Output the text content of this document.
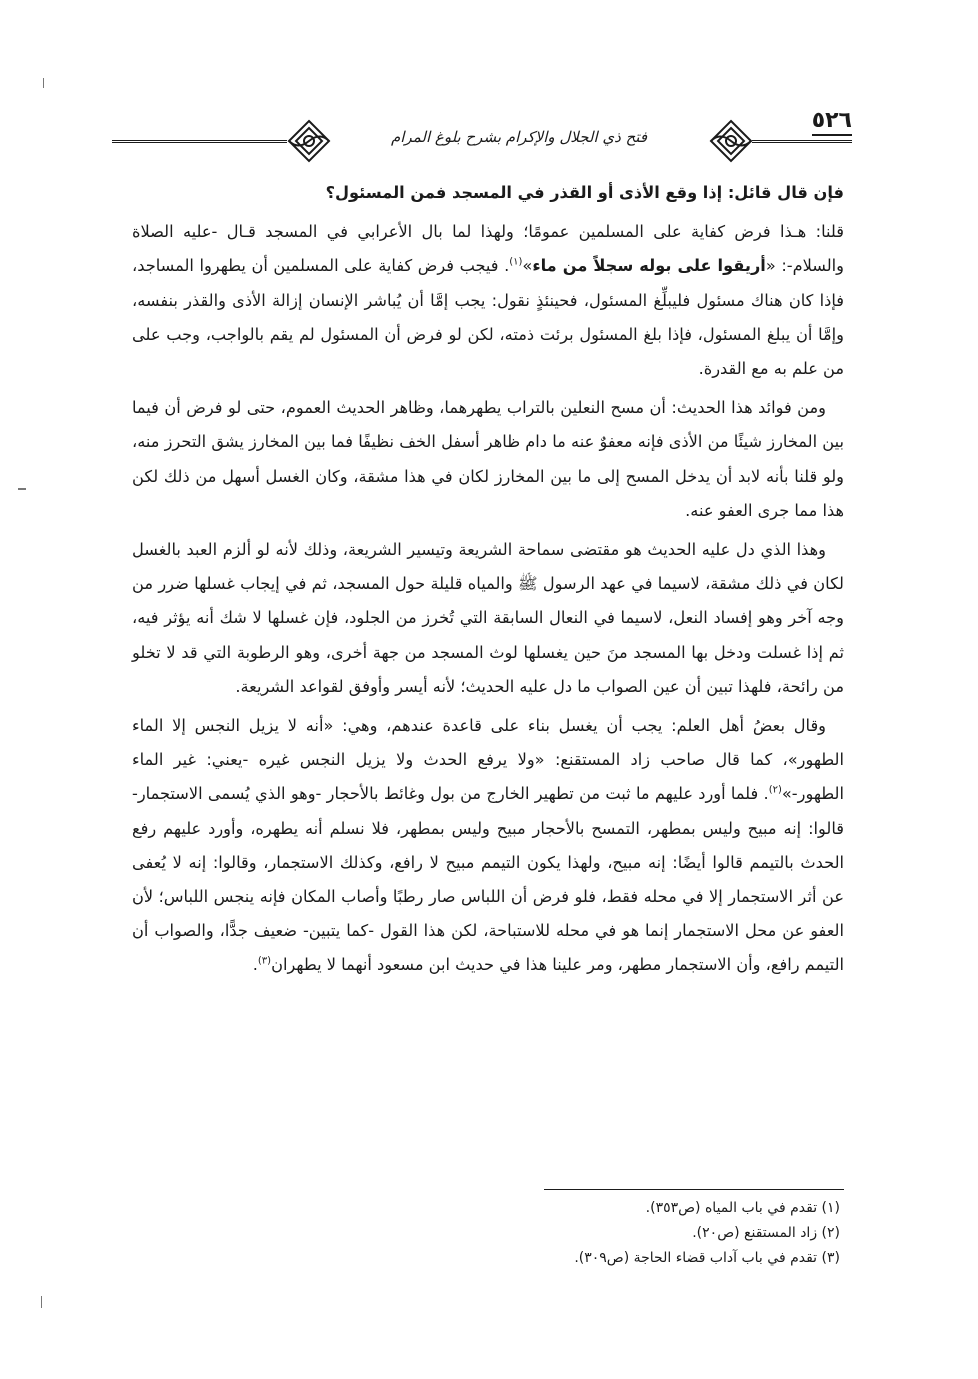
٥٢٦
فتح ذي الجلال والإكرام بشرح بلوغ المرام

فإن قال قائل: إذا وقع الأذى أو القذر في المسجد فمن المسئول؟

قلنا: هـذا فرض كفاية على المسلمين عمومًا؛ ولهذا لما بال الأعرابي في المسجد قـال -عليه الصلاة والسلام-: «أريقوا على بوله سجلاً من ماء»$^{(١)}$. فيجب فرض كفاية على المسلمين أن يطهروا المساجد، فإذا كان هناك مسئول فليبلِّغ المسئول، فحينئذٍ نقول: يجب إمَّا أن يُباشر الإنسان إزالة الأذى والقذر بنفسه، وإمَّا أن يبلغ المسئول، فإذا بلغ المسئول برئت ذمته، لكن لو فرض أن المسئول لم يقم بالواجب، وجب على من علم به مع القدرة.

ومن فوائد هذا الحديث: أن مسح النعلين بالتراب يطهرهما، وظاهر الحديث العموم، حتى لو فرض أن فيما بين المخارز شيئًا من الأذى فإنه معفوٌ عنه ما دام ظاهر أسفل الخف نظيفًا فما بين المخارز يشق التحرز منه، ولو قلنا بأنه لابد أن يدخل المسح إلى ما بين المخارز لكان في هذا مشقة، وكان الغسل أسهل من ذلك لكن هذا مما جرى العفو عنه.

وهذا الذي دل عليه الحديث هو مقتضى سماحة الشريعة وتيسير الشريعة، وذلك لأنه لو ألزم العبد بالغسل لكان في ذلك مشقة، لاسيما في عهد الرسول ﷺ والمياه قليلة حول المسجد، ثم في إيجاب غسلها ضرر من وجه آخر وهو إفساد النعل، لاسيما في النعال السابقة التي تُخرز من الجلود، فإن غسلها لا شك أنه يؤثر فيه، ثم إذا غسلت ودخل بها المسجد منَ حين يغسلها لوث المسجد من جهة أخرى، وهو الرطوبة التي قد لا تخلو من رائحة، فلهذا تبين أن عين الصواب ما دل عليه الحديث؛ لأنه أيسر وأوفق لقواعد الشريعة.

وقال بعضُ أهل العلم: يجب أن يغسل بناء على قاعدة عندهم، وهي: «أنه لا يزيل النجس إلا الماء الطهور»، كما قال صاحب زاد المستقنع: «ولا يرفع الحدث ولا يزيل النجس غيره -يعني: غير الماء الطهور-»$^{(٢)}$. فلما أورد عليهم ما ثبت من تطهير الخارج من بول وغائط بالأحجار -وهو الذي يُسمى الاستجمار- قالوا: إنه مبيح وليس بمطهر، التمسح بالأحجار مبيح وليس بمطهر، فلا نسلم أنه يطهره، وأورد عليهم رفع الحدث بالتيمم قالوا أيضًا: إنه مبيح، ولهذا يكون التيمم مبيح لا رافع، وكذلك الاستجمار، وقالوا: إنه لا يُعفى عن أثر الاستجمار إلا في محله فقط، فلو فرض أن اللباس صار رطبًا وأصاب المكان فإنه ينجس اللباس؛ لأن العفو عن محل الاستجمار إنما هو في محله للاستباحة، لكن هذا القول -كما يتبين- ضعيف جدًّا، والصواب أن التيمم رافع، وأن الاستجمار مطهر، ومر علينا هذا في حديث ابن مسعود أنهما لا يطهران$^{(٣)}$.

(١) تقدم في باب المياه (ص٣٥٣).
(٢) زاد المستقنع (ص٢٠).
(٣) تقدم في باب آداب قضاء الحاجة (ص٣٠٩).
